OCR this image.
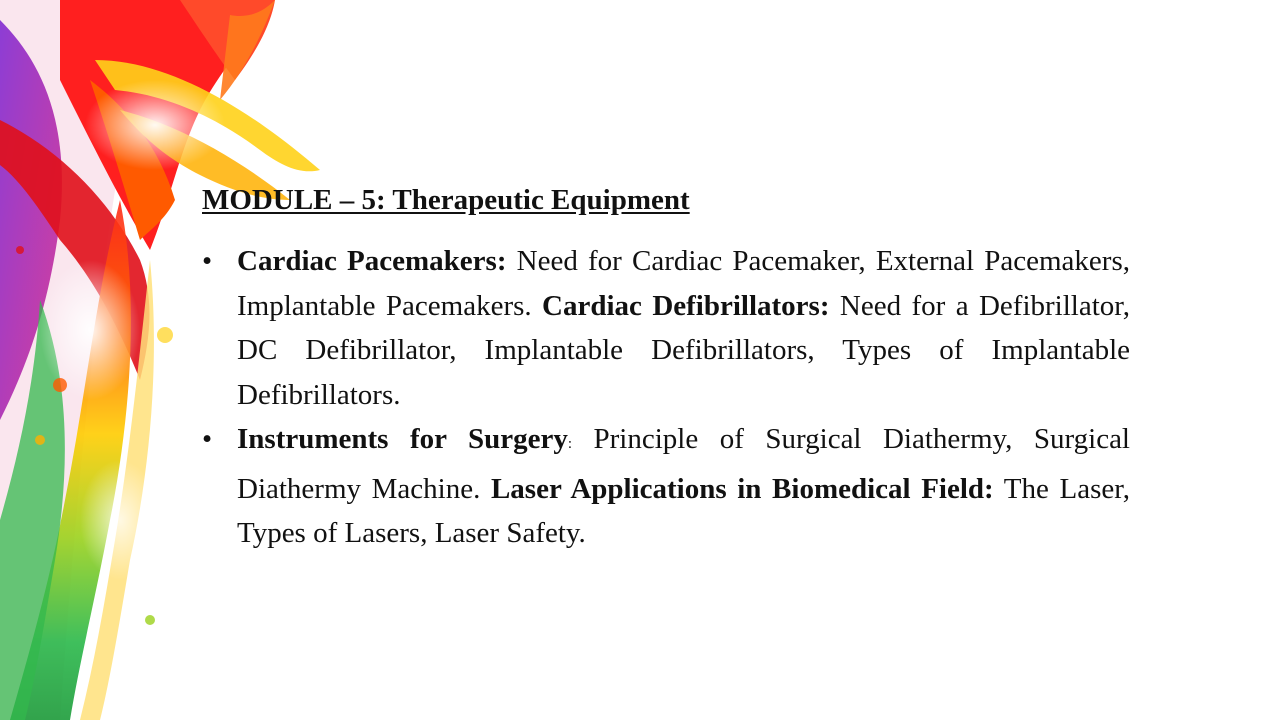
MODULE – 5: Therapeutic Equipment

• Cardiac Pacemakers: Need for Cardiac Pacemaker, External Pacemakers, Implantable Pacemakers. Cardiac Defibrillators: Need for a Defibrillator, DC Defibrillator, Implantable Defibrillators, Types of Implantable Defibrillators.
• Instruments for Surgery: Principle of Surgical Diathermy, Surgical Diathermy Machine. Laser Applications in Biomedical Field: The Laser, Types of Lasers, Laser Safety.
